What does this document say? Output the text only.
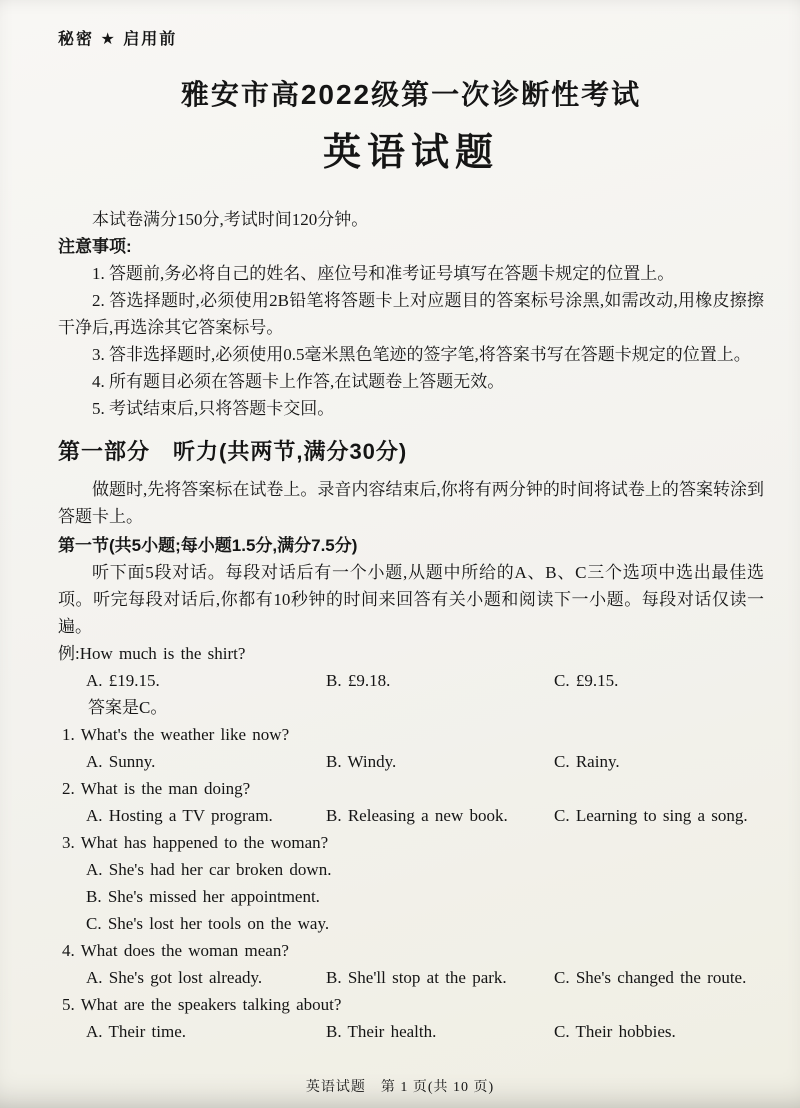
秘密 ★ 启用前
雅安市高2022级第一次诊断性考试
英语试题

本试卷满分150分,考试时间120分钟。

注意事项:

1. 答题前,务必将自己的姓名、座位号和准考证号填写在答题卡规定的位置上。

2. 答选择题时,必须使用2B铅笔将答题卡上对应题目的答案标号涂黑,如需改动,用橡皮擦擦干净后,再选涂其它答案标号。

3. 答非选择题时,必须使用0.5毫米黑色笔迹的签字笔,将答案书写在答题卡规定的位置上。

4. 所有题目必须在答题卡上作答,在试题卷上答题无效。

5. 考试结束后,只将答题卡交回。

第一部分　听力(共两节,满分30分)

做题时,先将答案标在试卷上。录音内容结束后,你将有两分钟的时间将试卷上的答案转涂到答题卡上。

第一节(共5小题;每小题1.5分,满分7.5分)

听下面5段对话。每段对话后有一个小题,从题中所给的A、B、C三个选项中选出最佳选项。听完每段对话后,你都有10秒钟的时间来回答有关小题和阅读下一小题。每段对话仅读一遍。

例:How much is the shirt?
A. £19.15.	B. £9.18.	C. £9.15.
答案是C。
1. What's the weather like now?
A. Sunny.	B. Windy.	C. Rainy.
2. What is the man doing?
A. Hosting a TV program.	B. Releasing a new book.	C. Learning to sing a song.
3. What has happened to the woman?
A. She's had her car broken down.
B. She's missed her appointment.
C. She's lost her tools on the way.
4. What does the woman mean?
A. She's got lost already.	B. She'll stop at the park.	C. She's changed the route.
5. What are the speakers talking about?
A. Their time.	B. Their health.	C. Their hobbies.
英语试题　第 1 页(共 10 页)
